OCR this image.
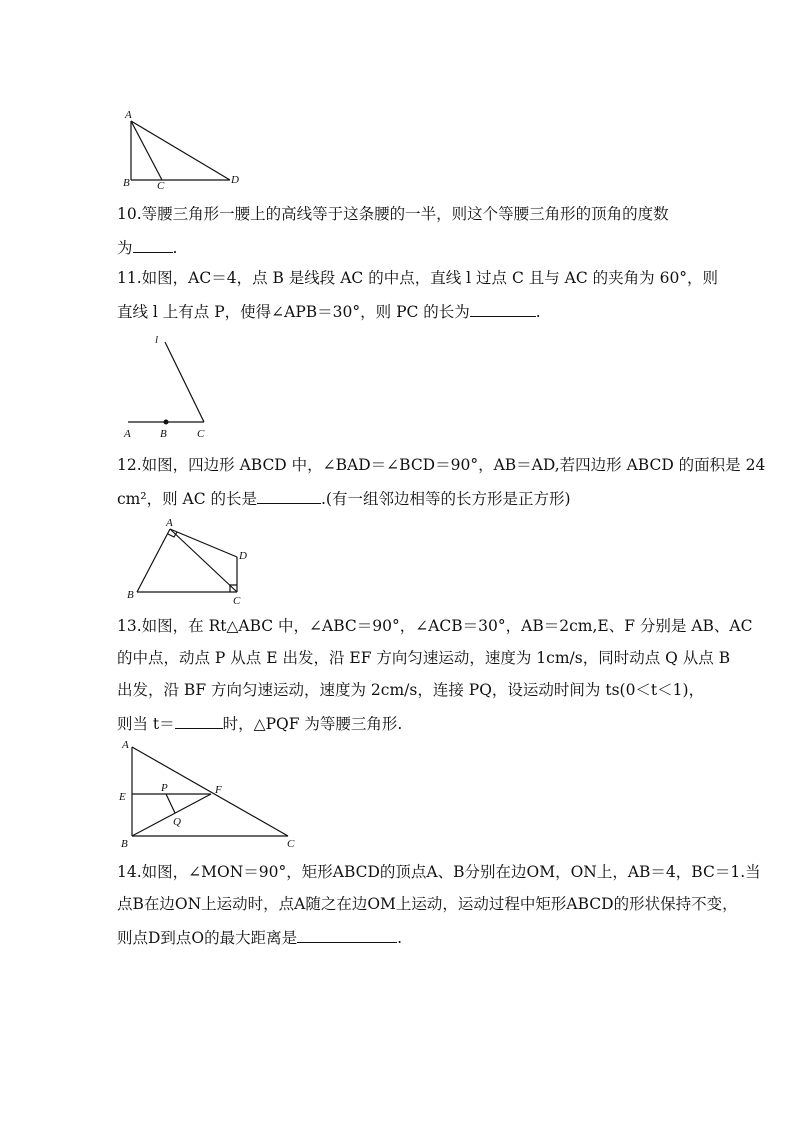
A
B C	D
10.等腰三角形一腰上的高线等于这条腰的一半，则这个等腰三角形的顶角的度数
为	.
11.如图，AC＝4，点 B 是线段 AC 的中点，直线 l 过点 C 且与 AC 的夹角为 60°，则
直线 l 上有点 P，使得∠APB＝30°，则 PC 的长为	.
l
A	B	C
12.如图，四边形 ABCD 中，∠BAD＝∠BCD＝90°，AB＝AD,若四边形 ABCD 的面积是 24
cm²，则 AC 的长是	.(有一组邻边相等的长方形是正方形)
A
B	C
D
13.如图，在 Rt△ABC 中，∠ABC＝90°，∠ACB＝30°，AB＝2cm,E、F 分别是 AB、AC
的中点，动点 P 从点 E 出发，沿 EF 方向匀速运动，速度为 1cm/s，同时动点 Q 从点 B
出发，沿 BF 方向匀速运动，速度为 2cm/s，连接 PQ，设运动时间为 ts(0＜t＜1)，
则当 t＝	时，△PQF 为等腰三角形.
A
E
P	F
Q
B	C
14.如图，∠MON＝90°，矩形ABCD的顶点A、B分别在边OM，ON上，AB＝4，BC＝1.当
点B在边ON上运动时，点A随之在边OM上运动，运动过程中矩形ABCD的形状保持不变，
则点D到点O的最大距离是	.
